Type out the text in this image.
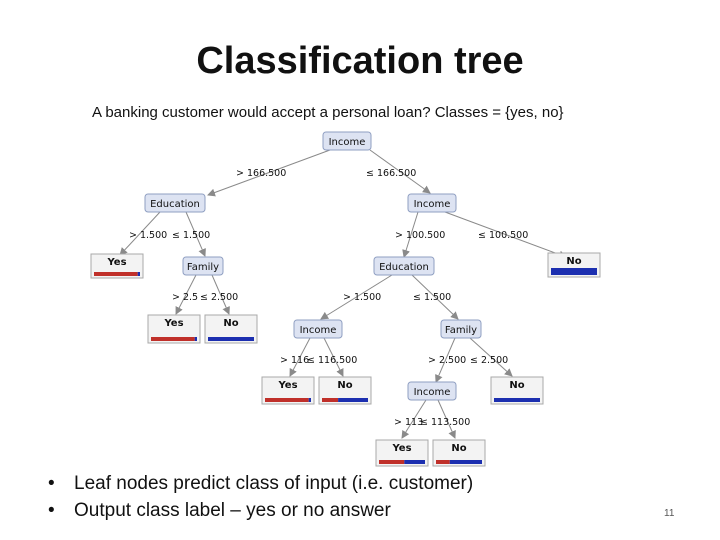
Classification tree
A banking customer would accept a personal loan? Classes = {yes, no}
> 166.500	≤ 166.500
> 1.500 ≤ 1.500	> 100.500	≤ 100.500
> 2.5 ≤ 2.500	> 1.500	≤ 1.500
> 116
≤ 116.500	> 2.500 ≤ 2.500
> 113
≤ 113.500
Income
Education	Income
Family	Education
Income	Family
Income
Yes	No
Yes	No
Yes	No	No
Yes	No
• Leaf nodes predict class of input (i.e. customer)
• Output class label – yes or no answer	11
